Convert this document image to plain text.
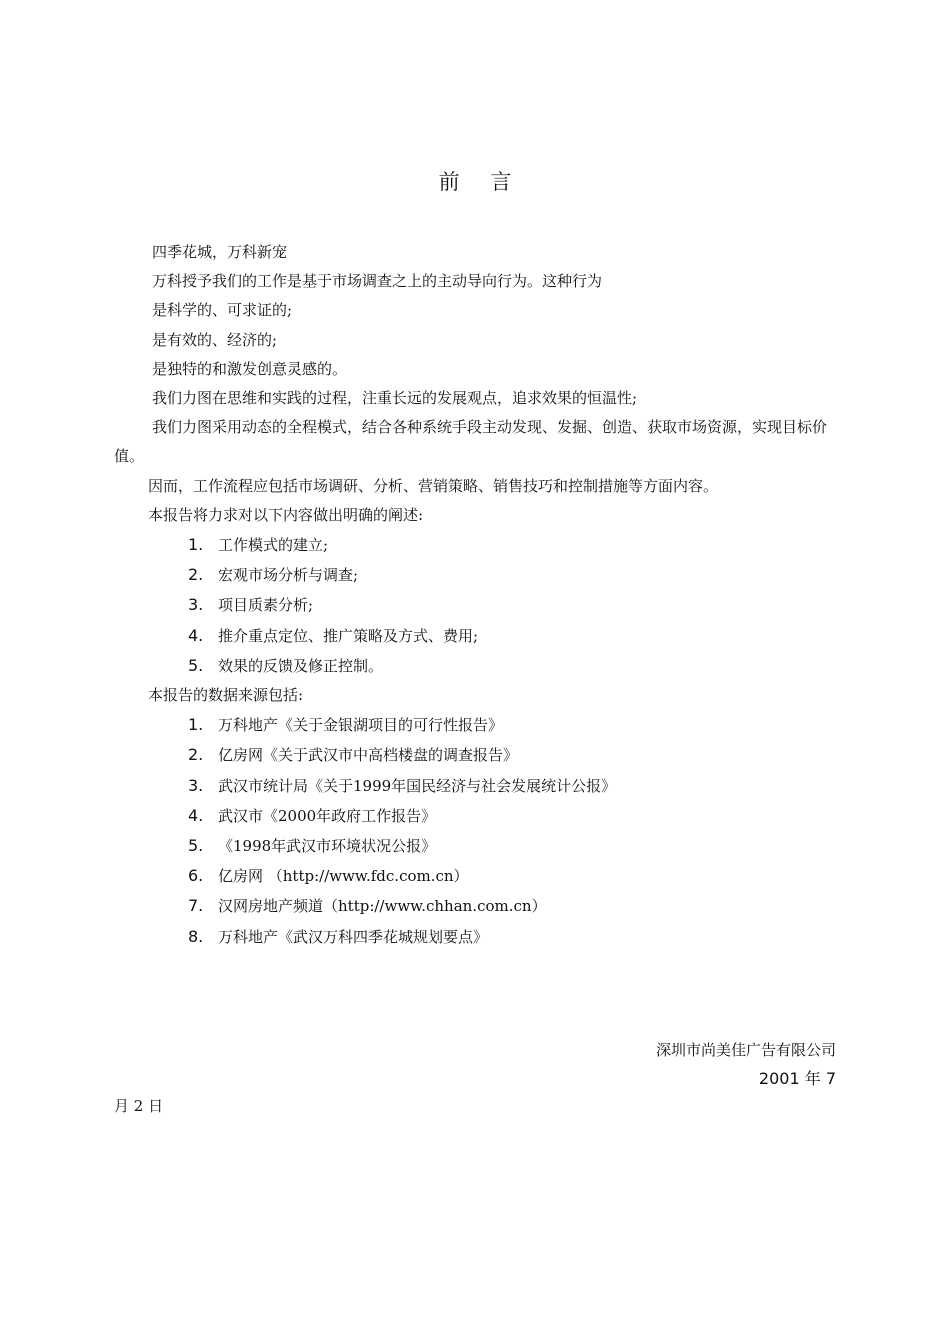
前 言
四季花城，万科新宠
万科授予我们的工作是基于市场调查之上的主动导向行为。这种行为
是科学的、可求证的;
是有效的、经济的;
是独特的和激发创意灵感的。
我们力图在思维和实践的过程，注重长远的发展观点，追求效果的恒温性;
我们力图采用动态的全程模式，结合各种系统手段主动发现、发掘、创造、获取市场资源，实现目标价值。
因而，工作流程应包括市场调研、分析、营销策略、销售技巧和控制措施等方面内容。
本报告将力求对以下内容做出明确的阐述:
1. 工作模式的建立;
2. 宏观市场分析与调查;
3. 项目质素分析;
4. 推介重点定位、推广策略及方式、费用;
5. 效果的反馈及修正控制。
本报告的数据来源包括:
1. 万科地产《关于金银湖项目的可行性报告》
2. 亿房网《关于武汉市中高档楼盘的调查报告》
3. 武汉市统计局《关于1999年国民经济与社会发展统计公报》
4. 武汉市《2000年政府工作报告》
5. 《1998年武汉市环境状况公报》
6. 亿房网 （http://www.fdc.com.cn）
7. 汉网房地产频道（http://www.chhan.com.cn）
8. 万科地产《武汉万科四季花城规划要点》
深圳市尚美佳广告有限公司
2001 年 7
月 2 日
